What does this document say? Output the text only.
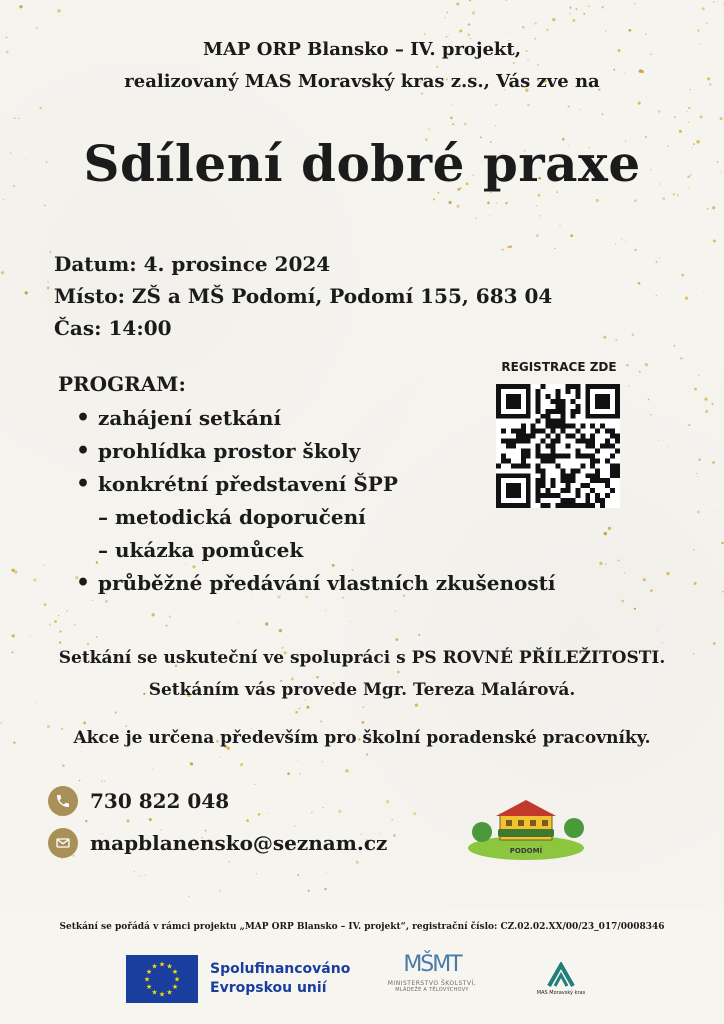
MAP ORP Blansko – IV. projekt,
realizovaný MAS Moravský kras z.s., Vás zve na
Sdílení dobré praxe
Datum: 4. prosince 2024
Místo: ZŠ a MŠ Podomí, Podomí 155, 683 04
Čas: 14:00
PROGRAM:
• zahájení setkání
• prohlídka prostor školy
• konkrétní představení ŠPP
– metodická doporučení
– ukázka pomůcek
• průběžné předávání vlastních zkušeností
REGISTRACE ZDE
Setkání se uskuteční ve spolupráci s PS ROVNÉ PŘÍLEŽITOSTI.
Setkáním vás provede Mgr. Tereza Malárová.
Akce je určena především pro školní poradenské pracovníky.
730 822 048
mapblanensko@seznam.cz	PODOMÍ
Setkání se pořádá v rámci projektu „MAP ORP Blansko – IV. projekt“, registrační číslo: CZ.02.02.XX/00/23_017/0008346
★
★
★
★
★
★
★
★
★ ★ ★
★ Spolufinancováno
Evropskou unií
MŠMT
MINISTERSTVO ŠKOLSTVÍ,
MLÁDEŽE A TĚLOVÝCHOVY	MAS Moravský kras
